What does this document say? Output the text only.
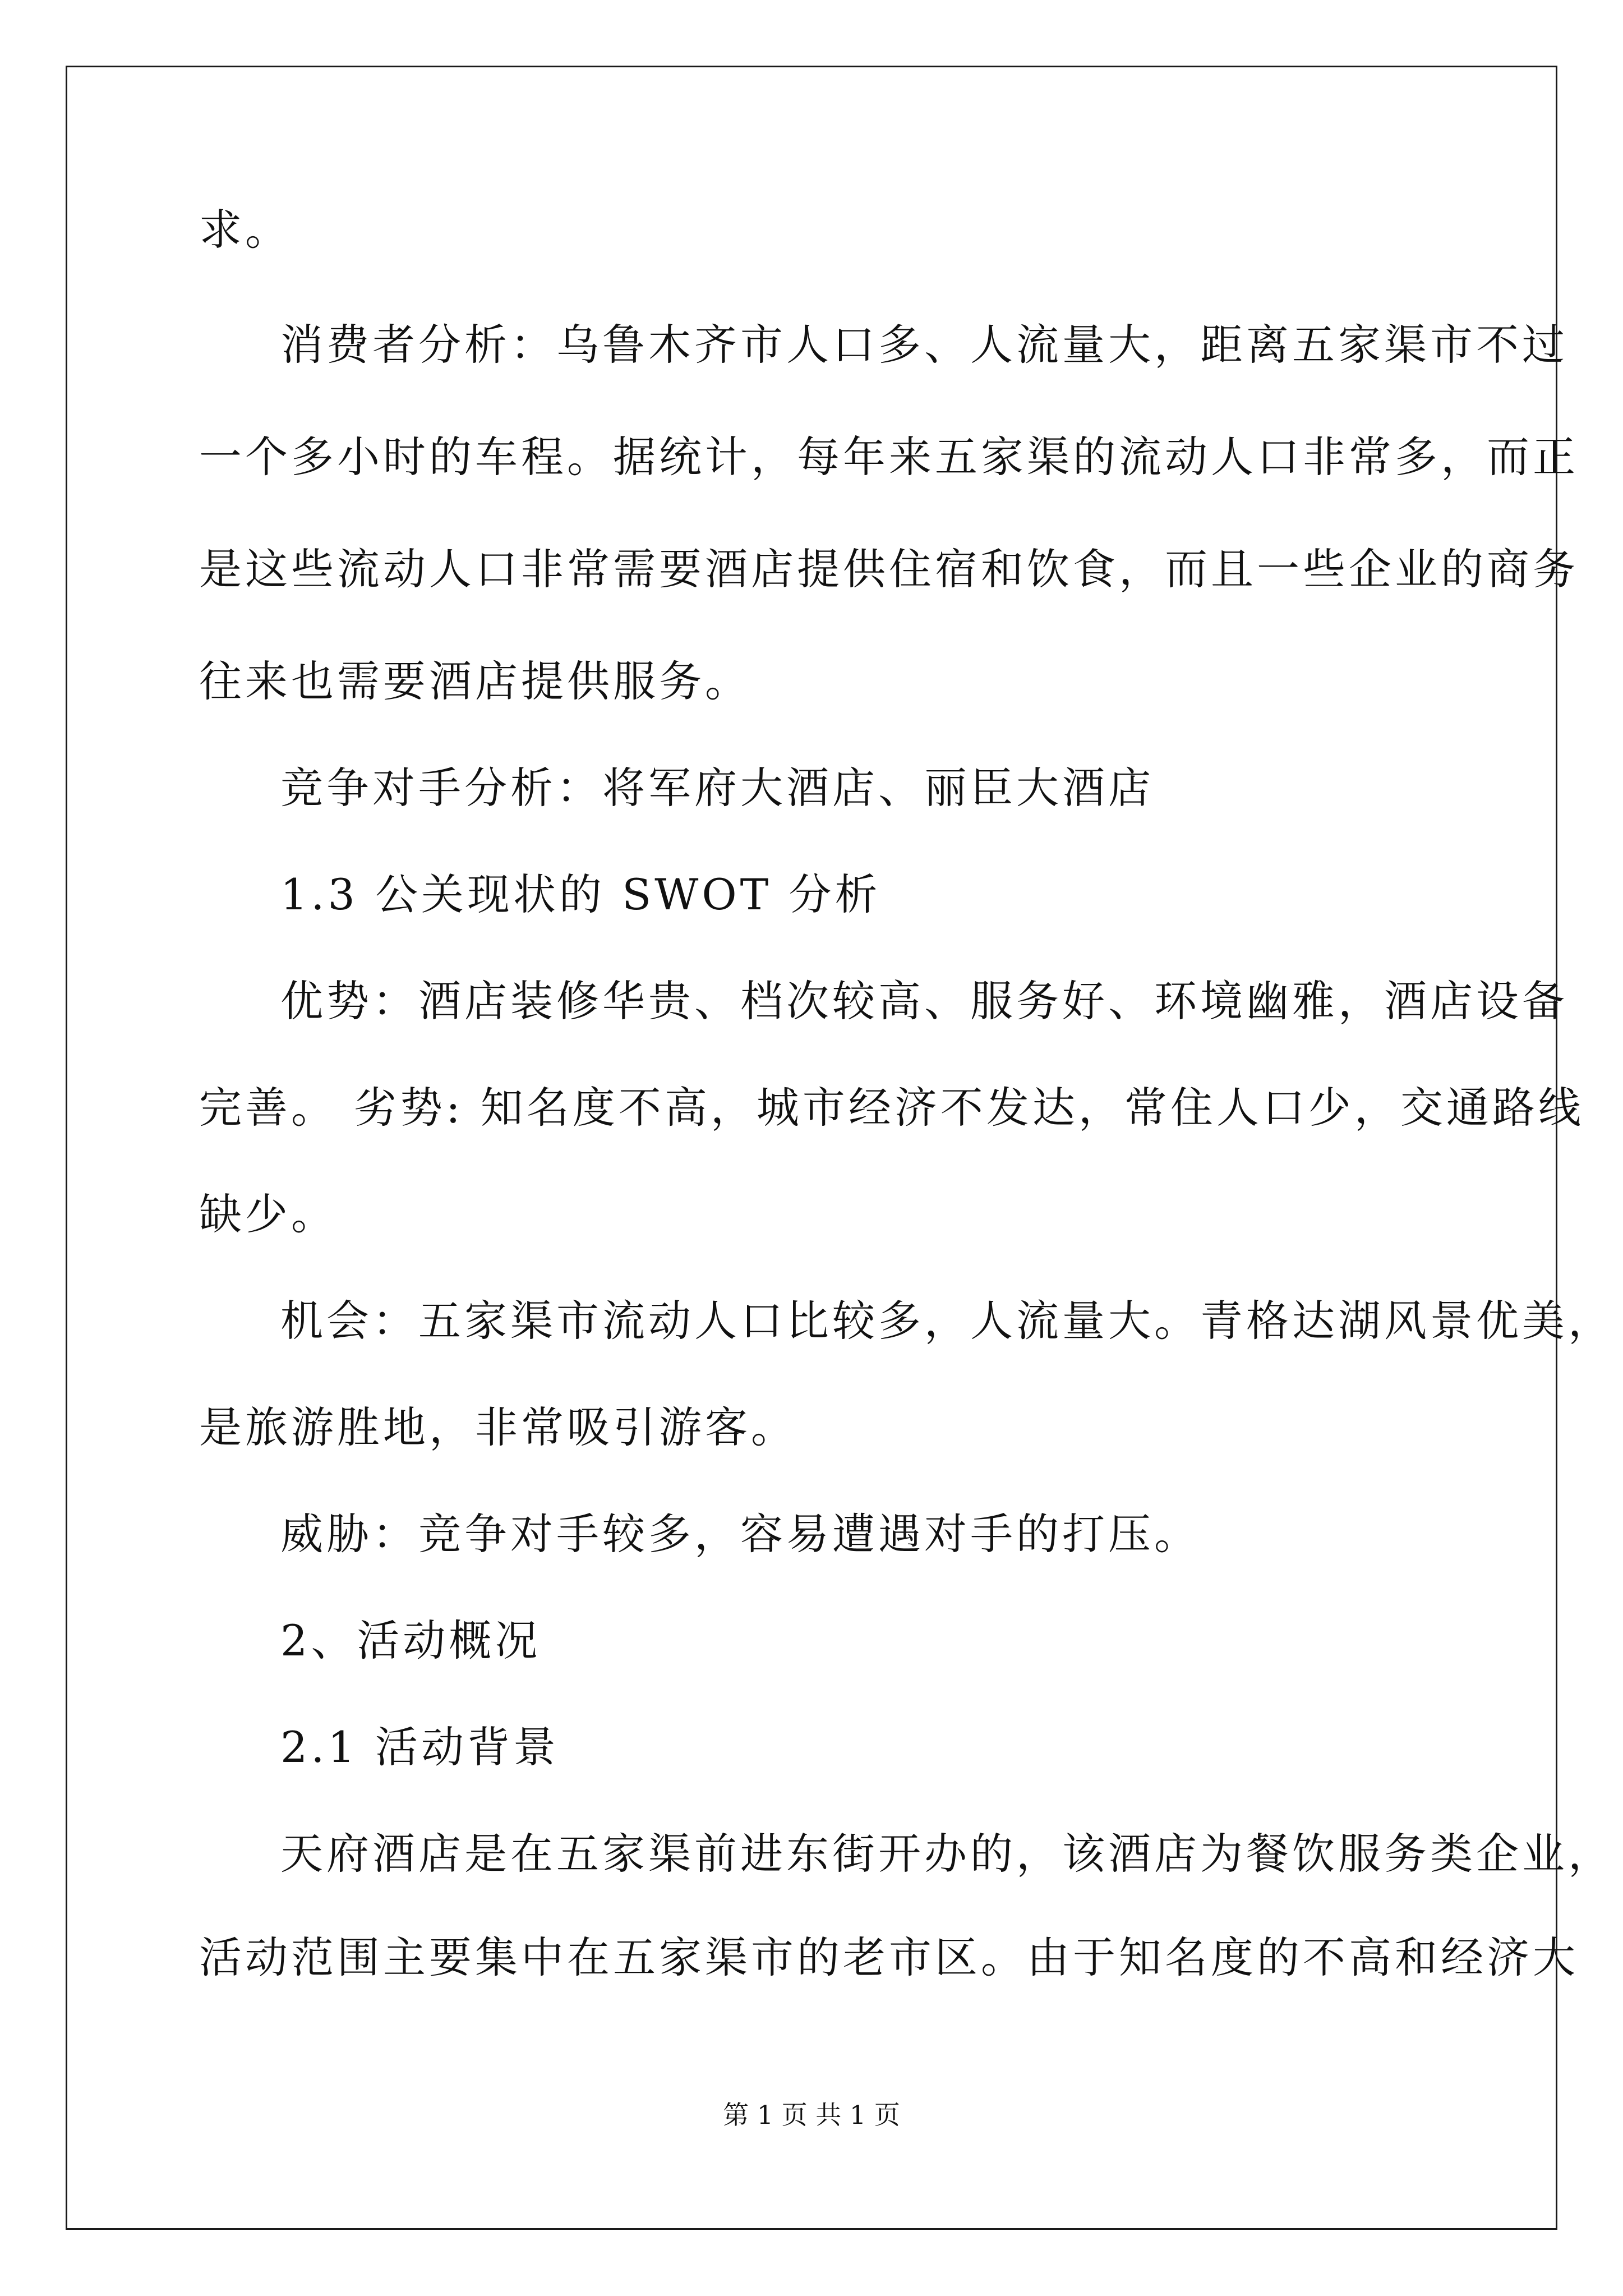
求。
消费者分析：乌鲁木齐市人口多、人流量大，距离五家渠市不过
一个多小时的车程。据统计，每年来五家渠的流动人口非常多，而正
是这些流动人口非常需要酒店提供住宿和饮食，而且一些企业的商务
往来也需要酒店提供服务。
竞争对手分析：将军府大酒店、丽臣大酒店
1.3 公关现状的 SWOT 分析
优势：酒店装修华贵、档次较高、服务好、环境幽雅，酒店设备
完善。 劣势: 知名度不高，城市经济不发达，常住人口少，交通路线
缺少。
机会：五家渠市流动人口比较多，人流量大。青格达湖风景优美，
是旅游胜地，非常吸引游客。
威胁：竞争对手较多，容易遭遇对手的打压。
2、活动概况
2.1 活动背景
天府酒店是在五家渠前进东街开办的，该酒店为餐饮服务类企业，
活动范围主要集中在五家渠市的老市区。由于知名度的不高和经济大
第 1 页 共 1 页
